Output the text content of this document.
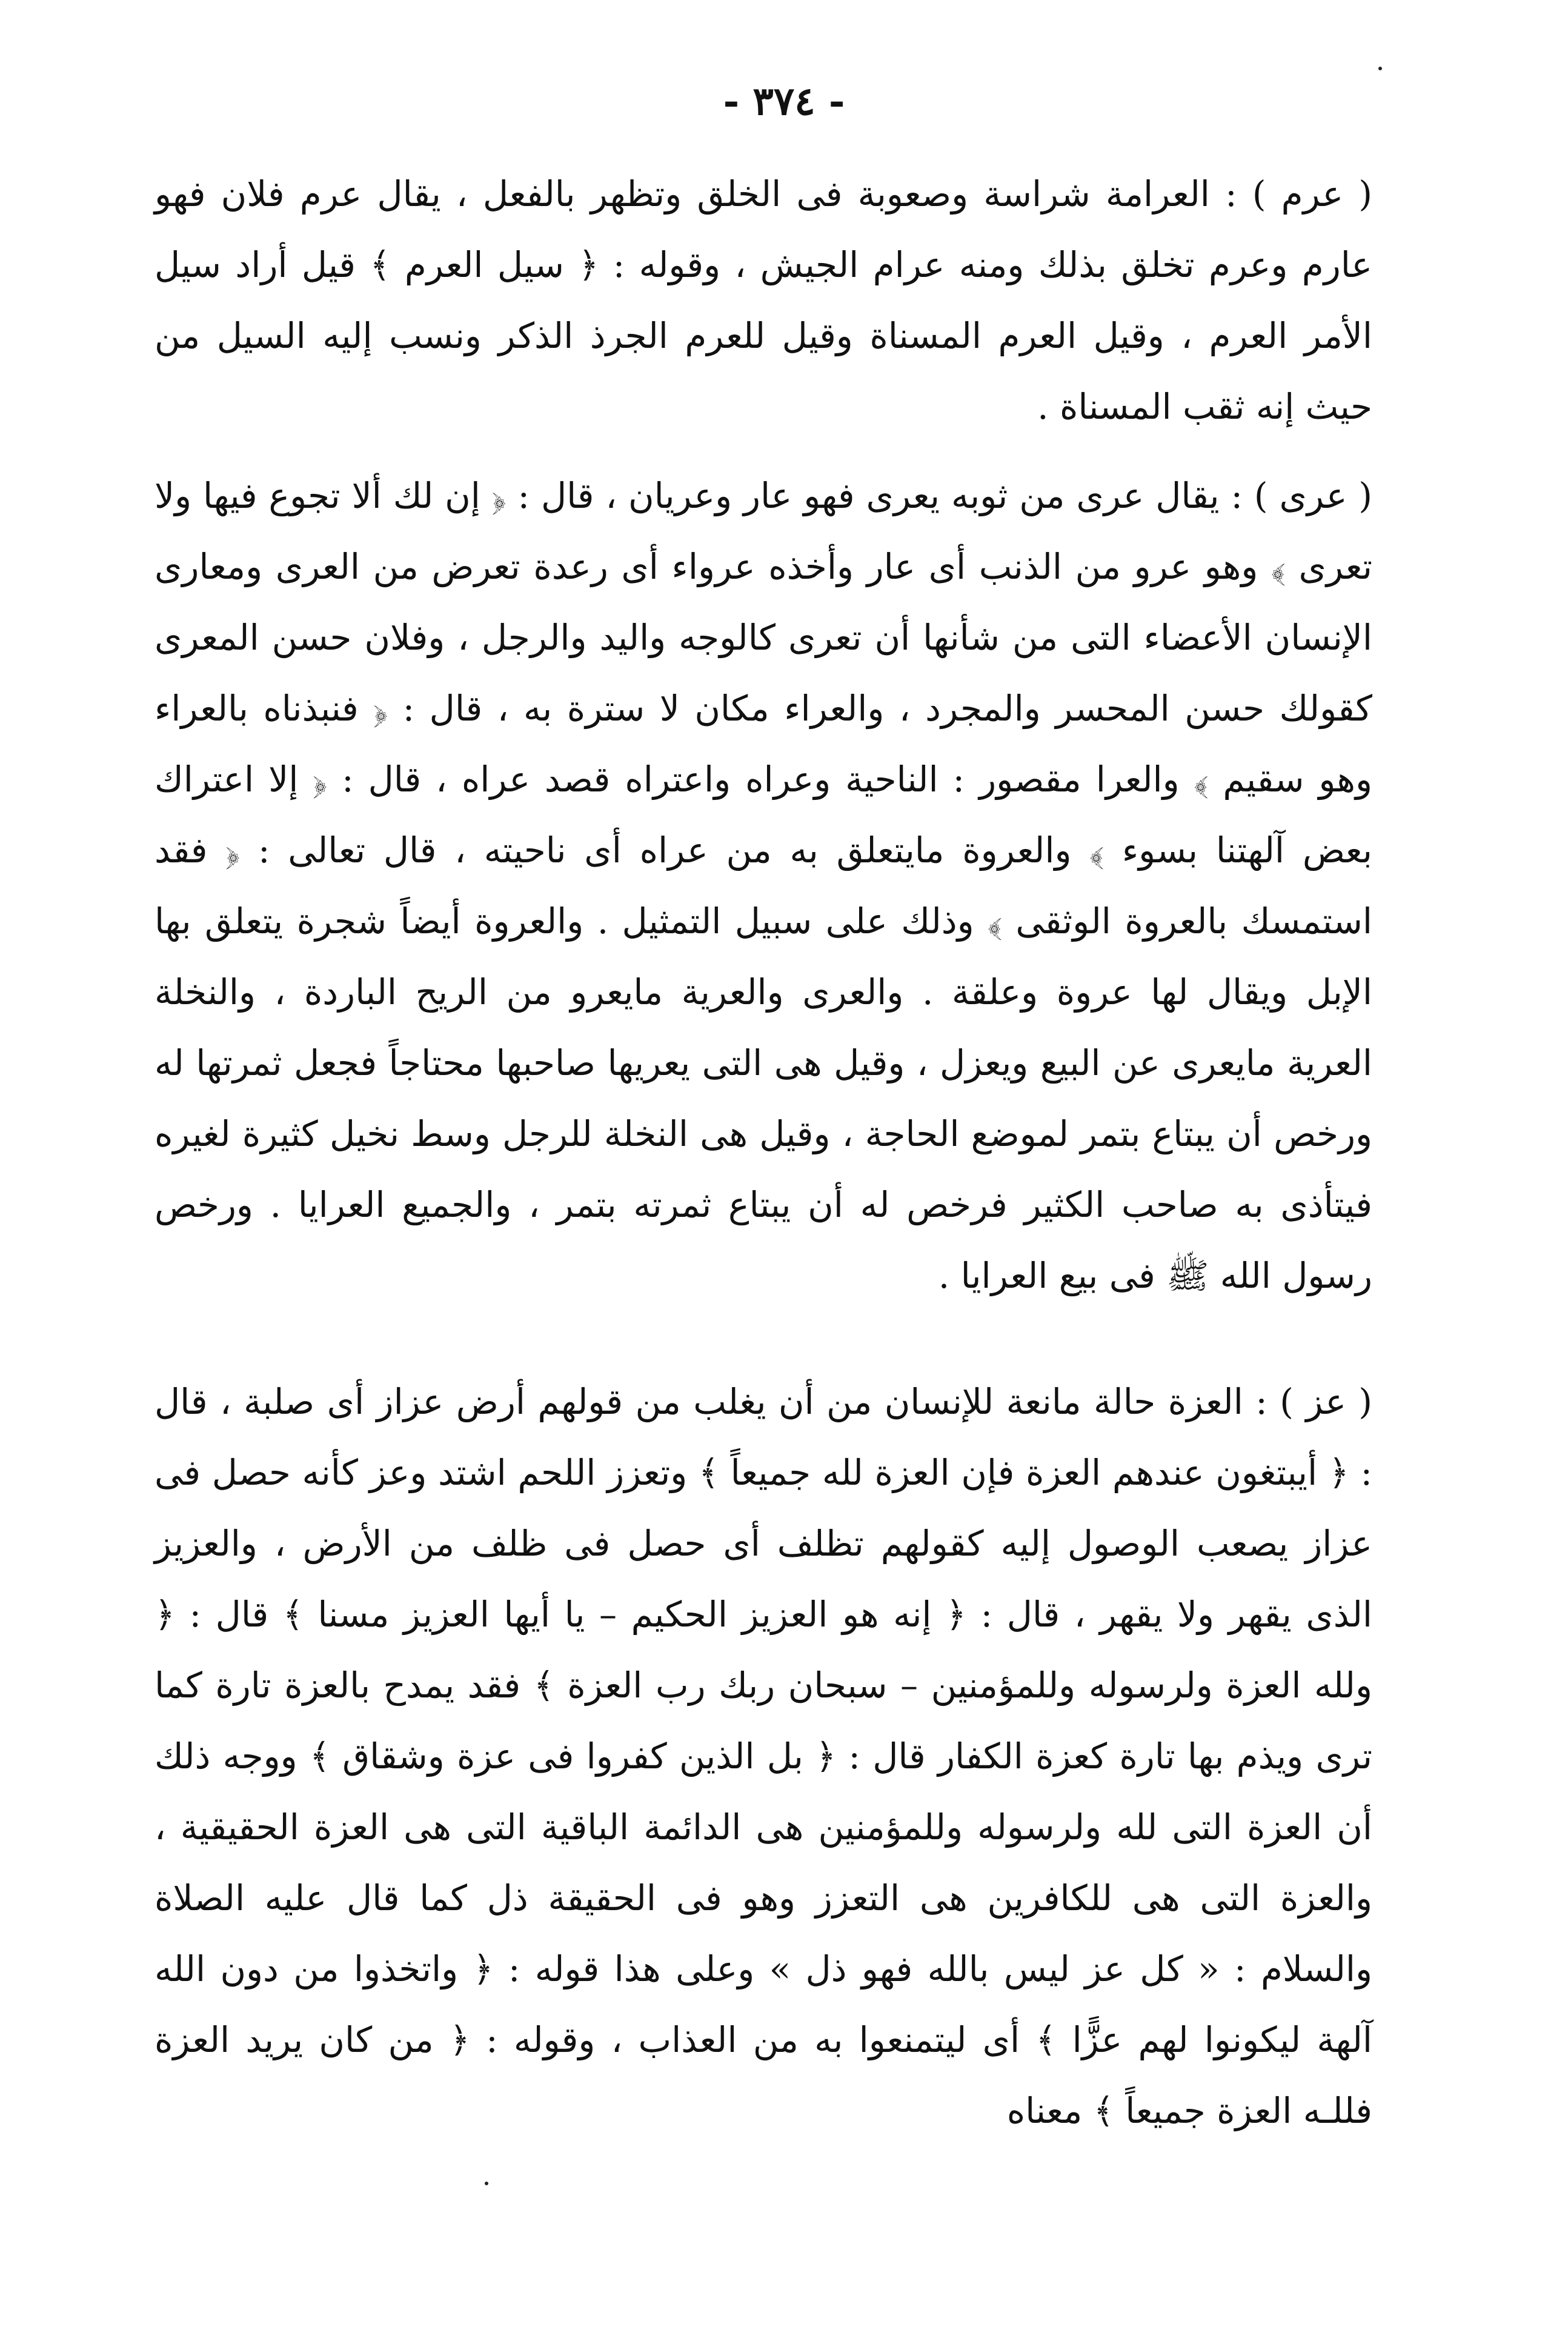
- ٣٧٤ -

( عرم ) : العرامة شراسة وصعوبة فى الخلق وتظهر بالفعل ، يقال عرم فلان فهو عارم وعرم تخلق بذلك ومنه عرام الجيش ، وقوله : ﴿ سيل العرم ﴾ قيل أراد سيل الأمر العرم ، وقيل العرم المسناة وقيل للعرم الجرذ الذكر ونسب إليه السيل من حيث إنه ثقب المسناة .

( عرى ) : يقال عرى من ثوبه يعرى فهو عار وعريان ، قال : ﴿ إن لك ألا تجوع فيها ولا تعرى ﴾ وهو عرو من الذنب أى عار وأخذه عرواء أى رعدة تعرض من العرى ومعارى الإنسان الأعضاء التى من شأنها أن تعرى كالوجه واليد والرجل ، وفلان حسن المعرى كقولك حسن المحسر والمجرد ، والعراء مكان لا سترة به ، قال : ﴿ فنبذناه بالعراء وهو سقيم ﴾ والعرا مقصور : الناحية وعراه واعتراه قصد عراه ، قال : ﴿ إلا اعتراك بعض آلهتنا بسوء ﴾ والعروة مايتعلق به من عراه أى ناحيته ، قال تعالى : ﴿ فقد استمسك بالعروة الوثقى ﴾ وذلك على سبيل التمثيل . والعروة أيضاً شجرة يتعلق بها الإبل ويقال لها عروة وعلقة . والعرى والعرية مايعرو من الريح الباردة ، والنخلة العرية مايعرى عن البيع ويعزل ، وقيل هى التى يعريها صاحبها محتاجاً فجعل ثمرتها له ورخص أن يبتاع بتمر لموضع الحاجة ، وقيل هى النخلة للرجل وسط نخيل كثيرة لغيره فيتأذى به صاحب الكثير فرخص له أن يبتاع ثمرته بتمر ، والجميع العرايا . ورخص رسول الله ﷺ فى بيع العرايا .

( عز ) : العزة حالة مانعة للإنسان من أن يغلب من قولهم أرض عزاز أى صلبة ، قال : ﴿ أيبتغون عندهم العزة فإن العزة لله جميعاً ﴾ وتعزز اللحم اشتد وعز كأنه حصل فى عزاز يصعب الوصول إليه كقولهم تظلف أى حصل فى ظلف من الأرض ، والعزيز الذى يقهر ولا يقهر ، قال : ﴿ إنه هو العزيز الحكيم – يا أيها العزيز مسنا ﴾ قال : ﴿ ولله العزة ولرسوله وللمؤمنين – سبحان ربك رب العزة ﴾ فقد يمدح بالعزة تارة كما ترى ويذم بها تارة كعزة الكفار قال : ﴿ بل الذين كفروا فى عزة وشقاق ﴾ ووجه ذلك أن العزة التى لله ولرسوله وللمؤمنين هى الدائمة الباقية التى هى العزة الحقيقية ، والعزة التى هى للكافرين هى التعزز وهو فى الحقيقة ذل كما قال عليه الصلاة والسلام : « كل عز ليس بالله فهو ذل » وعلى هذا قوله : ﴿ واتخذوا من دون الله آلهة ليكونوا لهم عزًّا ﴾ أى ليتمنعوا به من العذاب ، وقوله : ﴿ من كان يريد العزة فللـه العزة جميعاً ﴾ معناه
